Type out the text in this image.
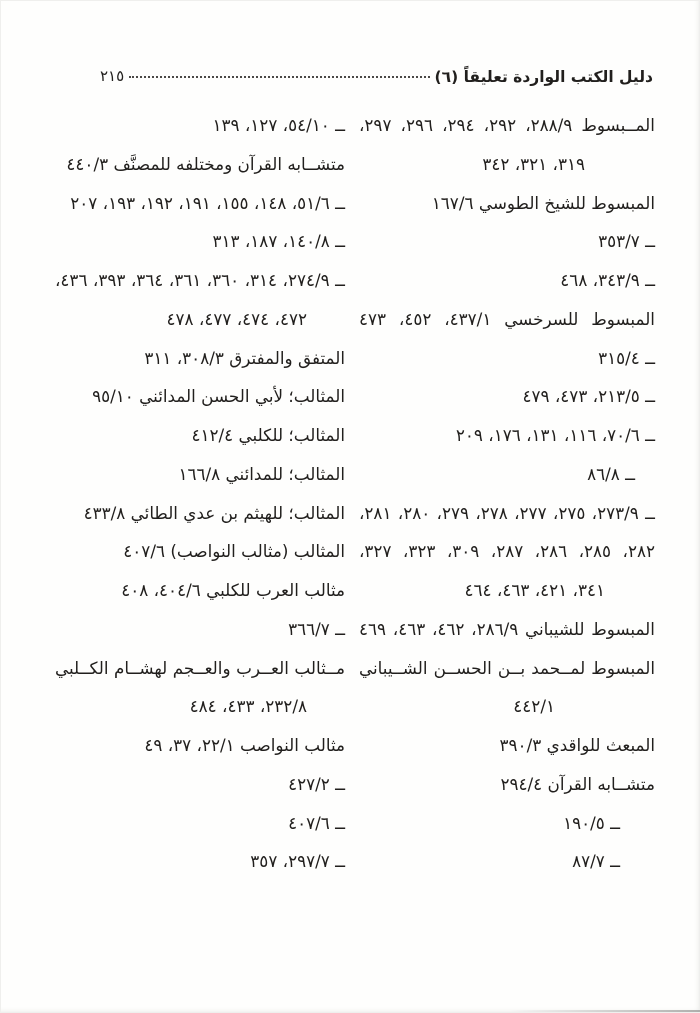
دليل الكتب الواردة تعليقاً (٦)
٢١٥
المــبسوط ٢٨٨/٩، ٢٩٢، ٢٩٤، ٢٩٦، ٢٩٧،
٣١٩، ٣٢١، ٣٤٢
المبسوط للشيخ الطوسي ١٦٧/٦
ــ ٣٥٣/٧
ــ ٣٤٣/٩، ٤٦٨
المبسوط للسرخسي ٤٣٧/١، ٤٥٢، ٤٧٣
ــ ٣١٥/٤
ــ ٢١٣/٥، ٤٧٣، ٤٧٩
ــ ٧٠/٦، ١١٦، ١٣١، ١٧٦، ٢٠٩
ــ ٨٦/٨
ــ ٢٧٣/٩، ٢٧٥، ٢٧٧، ٢٧٨، ٢٧٩، ٢٨٠، ٢٨١،
٢٨٢، ٢٨٥، ٢٨٦، ٢٨٧، ٣٠٩، ٣٢٣، ٣٢٧،
٣٤١، ٤٢١، ٤٦٣، ٤٦٤
المبسوط للشيباني ٢٨٦/٩، ٤٦٢، ٤٦٣، ٤٦٩
المبسوط لمــحمد بــن الحســن الشــيباني
٤٤٢/١
المبعث للواقدي ٣٩٠/٣
متشــابه القرآن ٢٩٤/٤
ــ ١٩٠/٥
ــ ٨٧/٧
ــ ٥٤/١٠، ١٢٧، ١٣٩
متشــابه القرآن ومختلفه للمصنَّف ٤٤٠/٣
ــ ٥١/٦، ١٤٨، ١٥٥، ١٩١، ١٩٢، ١٩٣، ٢٠٧
ــ ١٤٠/٨، ١٨٧، ٣١٣
ــ ٢٧٤/٩، ٣١٤، ٣٦٠، ٣٦١، ٣٦٤، ٣٩٣، ٤٣٦،
٤٧٢، ٤٧٤، ٤٧٧، ٤٧٨
المتفق والمفترق ٣٠٨/٣، ٣١١
المثالب؛ لأبي الحسن المدائني ٩٥/١٠
المثالب؛ للكلبي ٤١٢/٤
المثالب؛ للمدائني ١٦٦/٨
المثالب؛ للهيثم بن عدي الطائي ٤٣٣/٨
المثالب (مثالب النواصب) ٤٠٧/٦
مثالب العرب للكلبي ٤٠٤/٦، ٤٠٨
ــ ٣٦٦/٧
مــثالب العــرب والعــجم لهشــام الكــلبي
٢٣٢/٨، ٤٣٣، ٤٨٤
مثالب النواصب ٢٢/١، ٣٧، ٤٩
ــ ٤٢٧/٢
ــ ٤٠٧/٦
ــ ٢٩٧/٧، ٣٥٧
